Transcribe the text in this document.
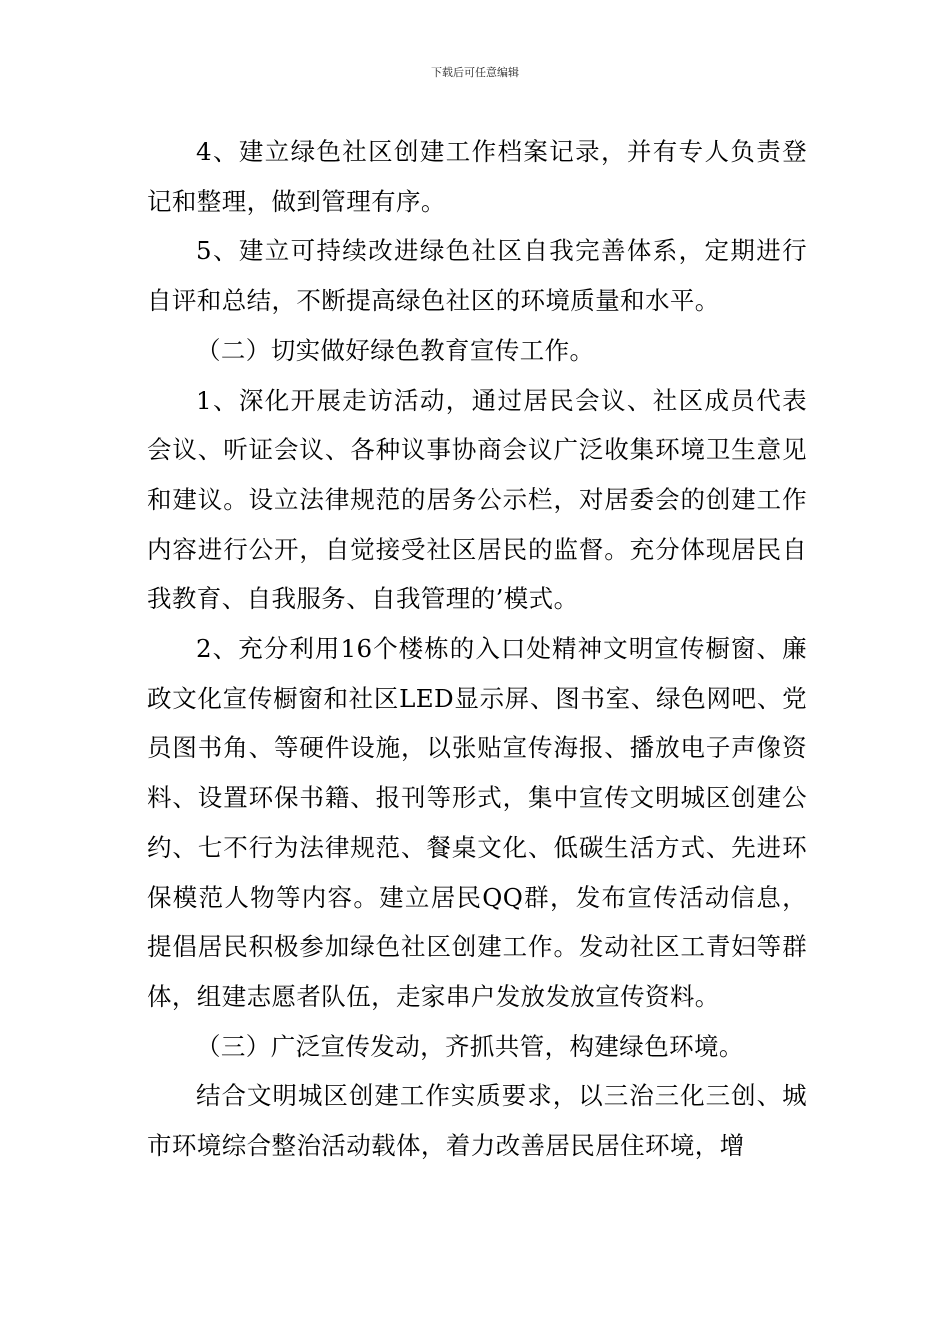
下载后可任意编辑

4、建立绿色社区创建工作档案记录，并有专人负责登记和整理，做到管理有序。

5、建立可持续改进绿色社区自我完善体系，定期进行自评和总结，不断提高绿色社区的环境质量和水平。

（二）切实做好绿色教育宣传工作。

1、深化开展走访活动，通过居民会议、社区成员代表会议、听证会议、各种议事协商会议广泛收集环境卫生意见和建议。设立法律规范的居务公示栏，对居委会的创建工作内容进行公开，自觉接受社区居民的监督。充分体现居民自我教育、自我服务、自我管理的’模式。

2、充分利用16个楼栋的入口处精神文明宣传橱窗、廉政文化宣传橱窗和社区LED显示屏、图书室、绿色网吧、党员图书角、等硬件设施，以张贴宣传海报、播放电子声像资料、设置环保书籍、报刊等形式，集中宣传文明城区创建公约、七不行为法律规范、餐桌文化、低碳生活方式、先进环保模范人物等内容。建立居民QQ群，发布宣传活动信息，提倡居民积极参加绿色社区创建工作。发动社区工青妇等群体，组建志愿者队伍，走家串户发放发放宣传资料。

（三）广泛宣传发动，齐抓共管，构建绿色环境。

结合文明城区创建工作实质要求，以三治三化三创、城市环境综合整治活动载体，着力改善居民居住环境，增
